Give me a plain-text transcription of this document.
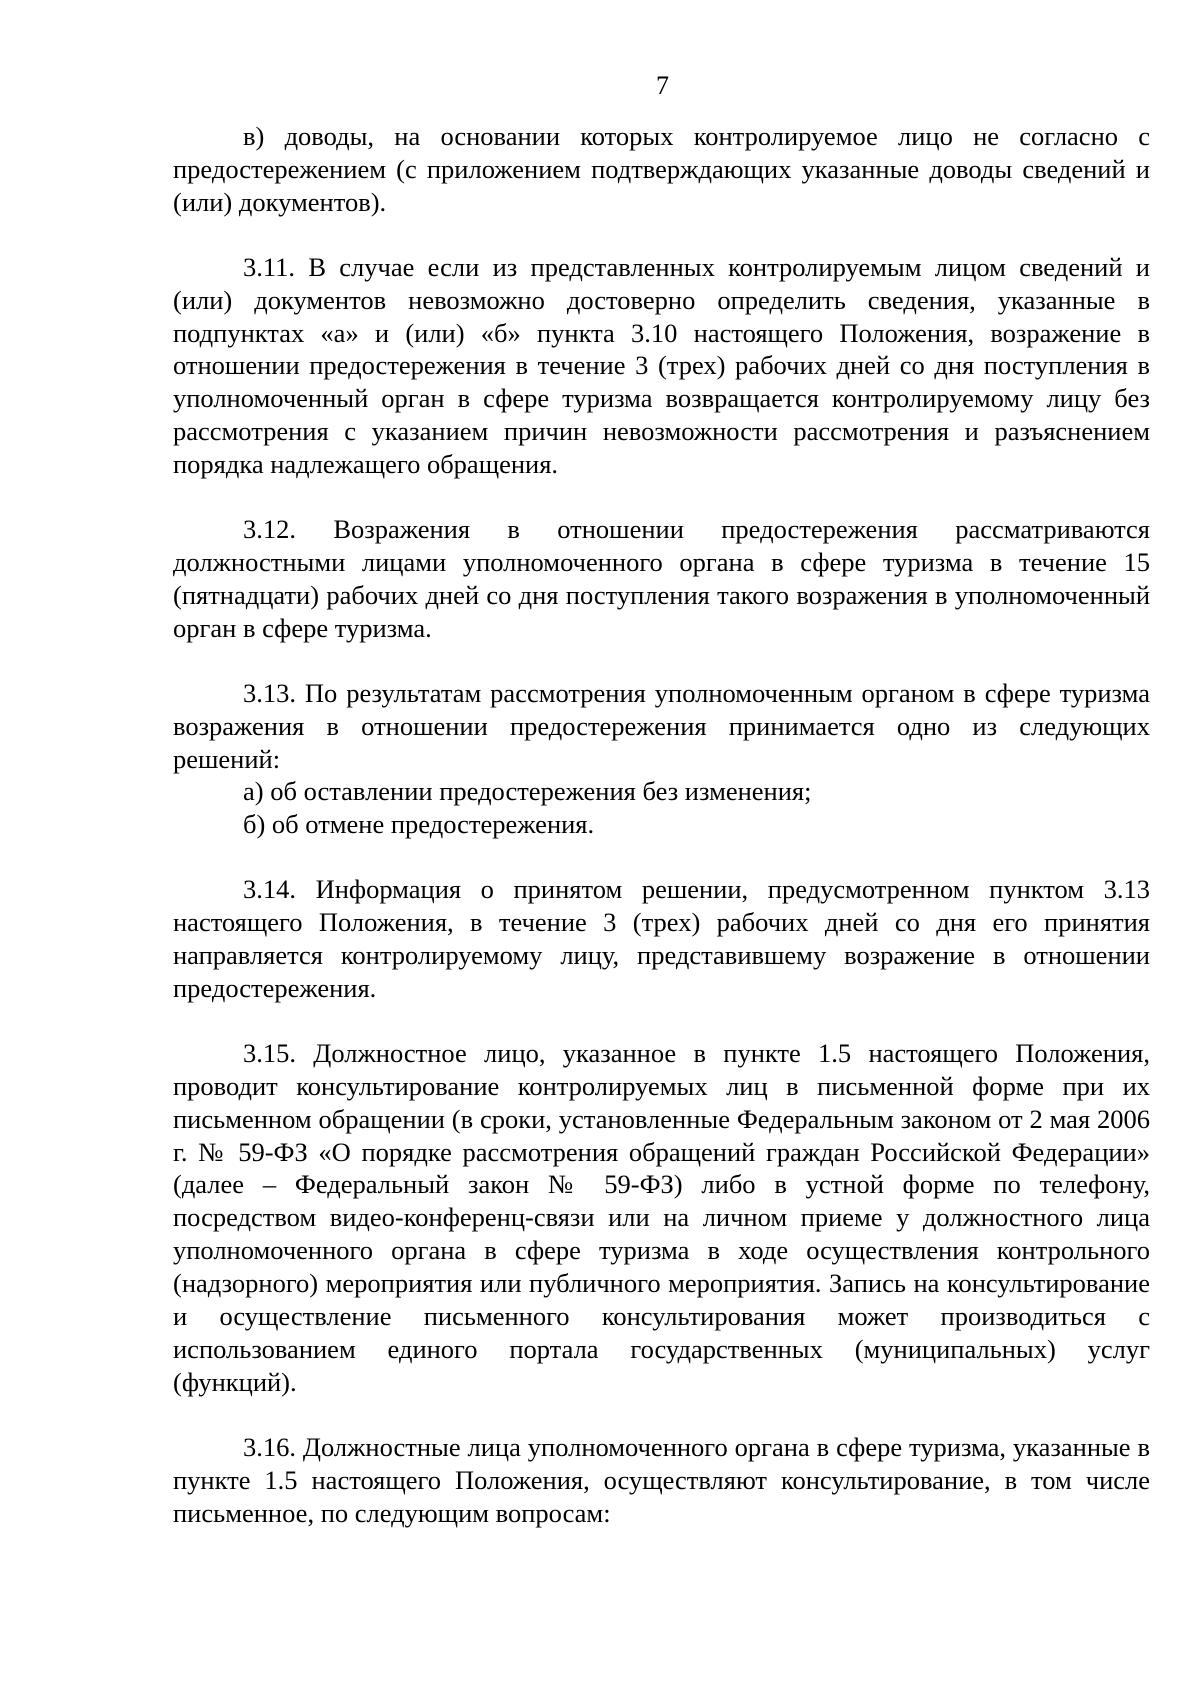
7

в) доводы, на основании которых контролируемое лицо не согласно с предостережением (с приложением подтверждающих указанные доводы сведений и (или) документов).

3.11. В случае если из представленных контролируемым лицом сведений и (или) документов невозможно достоверно определить сведения, указанные в подпунктах «а» и (или) «б» пункта 3.10 настоящего Положения, возражение в отношении предостережения в течение 3 (трех) рабочих дней со дня поступления в уполномоченный орган в сфере туризма возвращается контролируемому лицу без рассмотрения с указанием причин невозможности рассмотрения и разъяснением порядка надлежащего обращения.

3.12. Возражения в отношении предостережения рассматриваются должностными лицами уполномоченного органа в сфере туризма в течение 15 (пятнадцати) рабочих дней со дня поступления такого возражения в уполномоченный орган в сфере туризма.

3.13. По результатам рассмотрения уполномоченным органом в сфере туризма возражения в отношении предостережения принимается одно из следующих решений:

а) об оставлении предостережения без изменения;

б) об отмене предостережения.

3.14. Информация о принятом решении, предусмотренном пунктом 3.13 настоящего Положения, в течение 3 (трех) рабочих дней со дня его принятия направляется контролируемому лицу, представившему возражение в отношении предостережения.

3.15. Должностное лицо, указанное в пункте 1.5 настоящего Положения, проводит консультирование контролируемых лиц в письменной форме при их письменном обращении (в сроки, установленные Федеральным законом от 2 мая 2006 г. № 59-ФЗ «О порядке рассмотрения обращений граждан Российской Федерации» (далее – Федеральный закон № 59-ФЗ) либо в устной форме по телефону, посредством видео-конференц-связи или на личном приеме у должностного лица уполномоченного органа в сфере туризма в ходе осуществления контрольного (надзорного) мероприятия или публичного мероприятия. Запись на консультирование и осуществление письменного консультирования может производиться с использованием единого портала государственных (муниципальных) услуг (функций).

3.16. Должностные лица уполномоченного органа в сфере туризма, указанные в пункте 1.5 настоящего Положения, осуществляют консультирование, в том числе письменное, по следующим вопросам:
